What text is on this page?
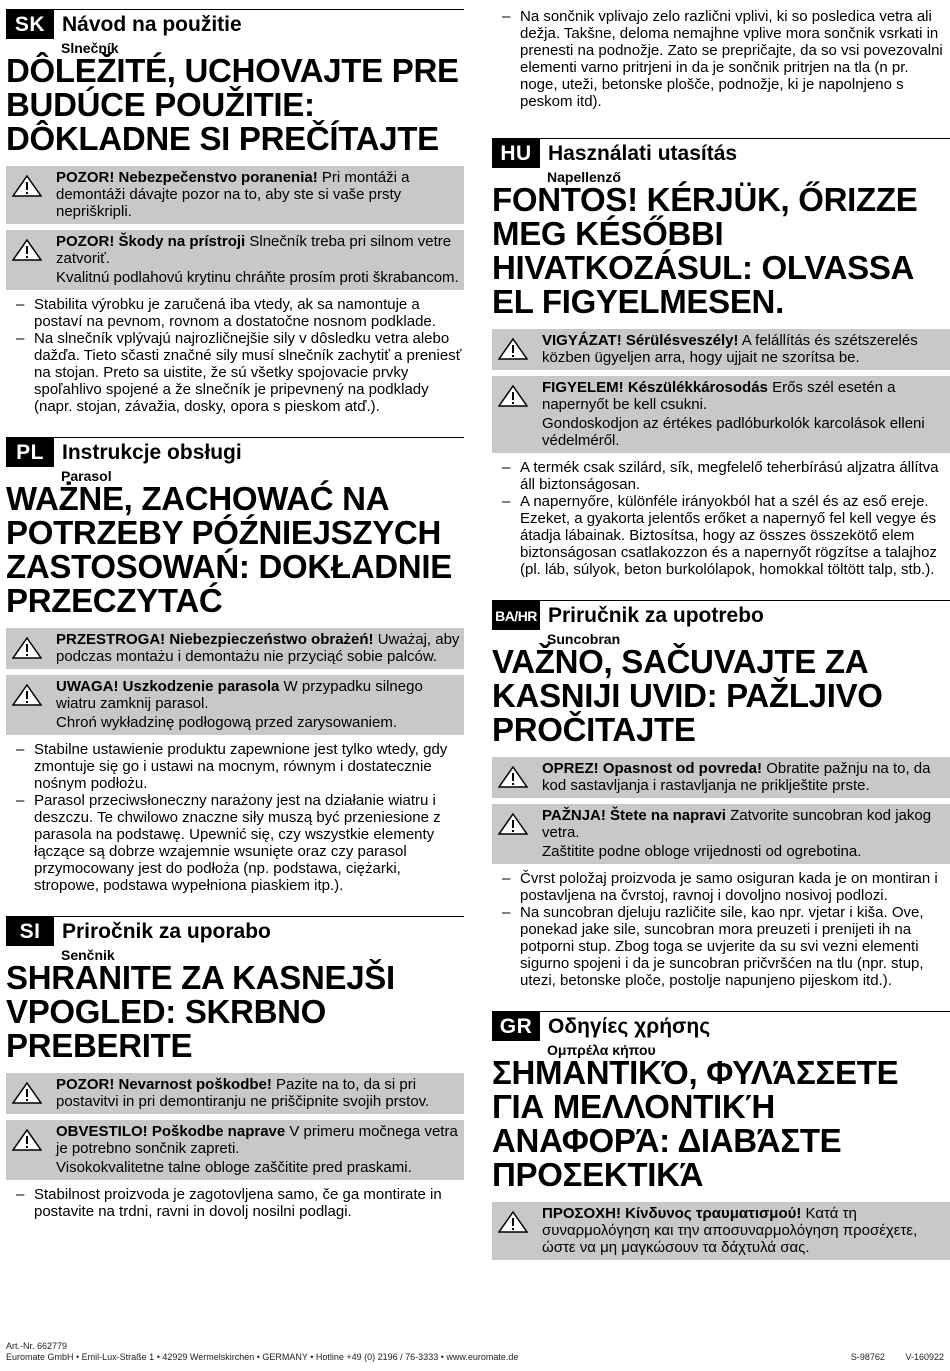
SK Návod na použitie
Slnečník
DÔLEŽITÉ, UCHOVAJTE PRE BUDÚCE POUŽITIE: DÔKLADNE SI PREČÍTAJTE

POZOR! Nebezpečenstvo poranenia! Pri montáži a demontáži dávajte pozor na to, aby ste si vaše prsty nepriškripli.

POZOR! Škody na prístroji Slnečník treba pri silnom vetre zatvoriť.

Kvalitnú podlahovú krytinu chráňte prosím proti škrabancom.

– Stabilita výrobku je zaručená iba vtedy, ak sa namontuje a postaví na pevnom, rovnom a dostatočne nosnom podklade.
– Na slnečník vplývajú najrozličnejšie sily v dôsledku vetra alebo dažďa. Tieto sčasti značné sily musí slnečník zachytiť a preniesť na stojan. Preto sa uistite, že sú všetky spojovacie prvky spoľahlivo spojené a že slnečník je pripevnený na podklady (napr. stojan, závažia, dosky, opora s pieskom atď.).
PL Instrukcje obsługi
Parasol
WAŻNE, ZACHOWAĆ NA POTRZEBY PÓŹNIEJSZYCH ZASTOSOWAŃ: DOKŁADNIE PRZECZYTAĆ

PRZESTROGA! Niebezpieczeństwo obrażeń! Uważaj, aby podczas montażu i demontażu nie przyciąć sobie palców.

UWAGA! Uszkodzenie parasola W przypadku silnego wiatru zamknij parasol.

Chroń wykładzinę podłogową przed zarysowaniem.

– Stabilne ustawienie produktu zapewnione jest tylko wtedy, gdy zmontuje się go i ustawi na mocnym, równym i dostatecznie nośnym podłożu.
– Parasol przeciwsłoneczny narażony jest na działanie wiatru i deszczu. Te chwilowo znaczne siły muszą być przeniesione z parasola na podstawę. Upewnić się, czy wszystkie elementy łączące są dobrze wzajemnie wsunięte oraz czy parasol przymocowany jest do podłoża (np. podstawa, ciężarki, stropowe, podstawa wypełniona piaskiem itp.).
SI	Priročnik za uporabo
Senčnik
SHRANITE ZA KASNEJŠI VPOGLED: SKRBNO PREBERITE

POZOR! Nevarnost poškodbe! Pazite na to, da si pri postavitvi in pri demontiranju ne priščipnite svojih prstov.

OBVESTILO! Poškodbe naprave V primeru močnega vetra je potrebno sončnik zapreti.

Visokokvalitetne talne obloge zaščitite pred praskami.

– Stabilnost proizvoda je zagotovljena samo, če ga montirate in postavite na trdni, ravni in dovolj nosilni podlagi.
– Na sončnik vplivajo zelo različni vplivi, ki so posledica vetra ali dežja. Takšne, deloma nemajhne vplive mora sončnik vsrkati in prenesti na podnožje. Zato se prepričajte, da so vsi povezovalni elementi varno pritrjeni in da je sončnik pritrjen na tla (n pr. noge, uteži, betonske plošče, podnožje, ki je napolnjeno s peskom itd).
HU Használati utasítás
Napellenző
FONTOS! KÉRJÜK, ŐRIZZE MEG KÉSŐBBI HIVATKOZÁSUL: OLVASSA EL FIGYELMESEN.

VIGYÁZAT! Sérülésveszély! A felállítás és szétszerelés közben ügyeljen arra, hogy ujjait ne szorítsa be.

FIGYELEM! Készülékkárosodás Erős szél esetén a napernyőt be kell csukni.

Gondoskodjon az értékes padlóburkolók karcolások elleni védelméről.

– A termék csak szilárd, sík, megfelelő teherbírású aljzatra állítva áll biztonságosan.
– A napernyőre, különféle irányokból hat a szél és az eső ereje. Ezeket, a gyakorta jelentős erőket a napernyő fel kell vegye és átadja lábainak. Biztosítsa, hogy az összes összekötő elem biztonságosan csatlakozzon és a napernyőt rögzítse a talajhoz (pl. láb, súlyok, beton burkolólapok, homokkal töltött talp, stb.).
BA/HR Priručnik za upotrebo
Suncobran
VAŽNO, SAČUVAJTE ZA KASNIJI UVID: PAŽLJIVO PROČITAJTE

OPREZ! Opasnost od povreda! Obratite pažnju na to, da kod sastavljanja i rastavljanja ne priklještite prste.

PAŽNJA! Štete na napravi Zatvorite suncobran kod jakog vetra.

Zaštitite podne obloge vrijednosti od ogrebotina.

– Čvrst položaj proizvoda je samo osiguran kada je on montiran i postavljena na čvrstoj, ravnoj i dovoljno nosivoj podlozi.
– Na suncobran djeluju različite sile, kao npr. vjetar i kiša. Ove, ponekad jake sile, suncobran mora preuzeti i prenijeti ih na potporni stup. Zbog toga se uvjerite da su svi vezni elementi sigurno spojeni i da je suncobran pričvršćen na tlu (npr. stup, utezi, betonske ploče, postolje napunjeno pijeskom itd.).
GR Οδηγίες χρήσης
Ομπρέλα κήπου
ΣΗΜΑΝΤΙΚΌ, ΦΥΛΆΣΣΕΤΕ ΓΙΑ ΜΕΛΛΟΝΤΙΚΉ ΑΝΑΦΟΡΆ: ΔΙΑΒΆΣΤΕ ΠΡΟΣΕΚΤΙΚΆ

ΠΡΟΣΟΧΗ! Κίνδυνος τραυματισμού! Κατά τη συναρμολόγηση και την αποσυναρμολόγηση προσέχετε, ώστε να μη μαγκώσουν τα δάχτυλά σας.

Art.-Nr. 662779
Euromate GmbH • Emil-Lux-Straße 1 • 42929 Wermelskirchen • GERMANY • Hotline +49 (0) 2196 / 76-3333 • www.euromate.de	S-98762 V-160922
